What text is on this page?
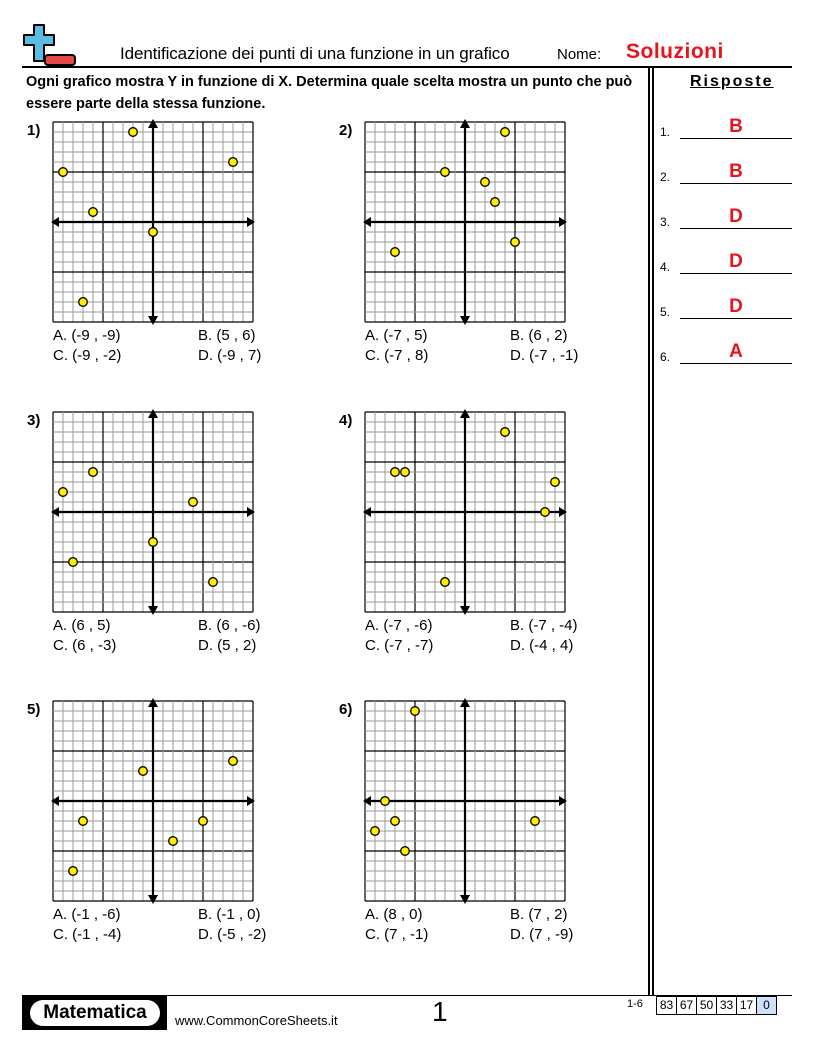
Identificazione dei punti di una funzione in un grafico	Nome: Soluzioni
Ogni grafico mostra Y in funzione di X. Determina quale scelta mostra un punto che può essere parte della stessa funzione.
Risposte
1.	B
2.	B
3.	D
4.	D
5.	D
6.	A
1)
A. (-9 , -9)	B. (5 , 6)
C. (-9 , -2)	D. (-9 , 7)
2)
A. (-7 , 5)	B. (6 , 2)
C. (-7 , 8)	D. (-7 , -1)
3)
A. (6 , 5)	B. (6 , -6)
C. (6 , -3)	D. (5 , 2)
4)
A. (-7 , -6)	B. (-7 , -4)
C. (-7 , -7)	D. (-4 , 4)
5)
A. (-1 , -6)	B. (-1 , 0)
C. (-1 , -4)	D. (-5 , -2)
6)
A. (8 , 0)	B. (7 , 2)
C. (7 , -1)	D. (7 , -9)
Matematica	www.CommonCoreSheets.it	1	1-6 83 67 50 33 17 0
